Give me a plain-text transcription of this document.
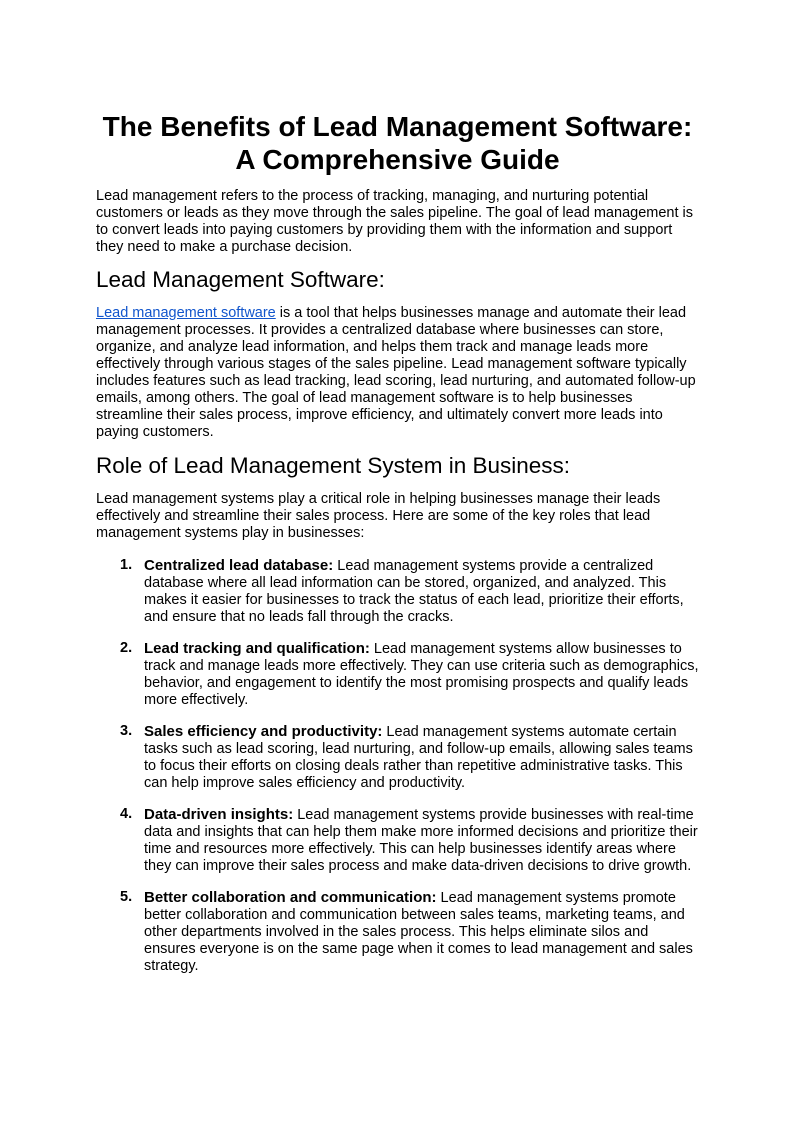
The Benefits of Lead Management Software:
A Comprehensive Guide

Lead management refers to the process of tracking, managing, and nurturing potential customers or leads as they move through the sales pipeline. The goal of lead management is to convert leads into paying customers by providing them with the information and support they need to make a purchase decision.

Lead Management Software:

Lead management software is a tool that helps businesses manage and automate their lead management processes. It provides a centralized database where businesses can store, organize, and analyze lead information, and helps them track and manage leads more effectively through various stages of the sales pipeline. Lead management software typically includes features such as lead tracking, lead scoring, lead nurturing, and automated follow-up emails, among others. The goal of lead management software is to help businesses streamline their sales process, improve efficiency, and ultimately convert more leads into paying customers.

Role of Lead Management System in Business:

Lead management systems play a critical role in helping businesses manage their leads effectively and streamline their sales process. Here are some of the key roles that lead management systems play in businesses:

1. Centralized lead database: Lead management systems provide a centralized database where all lead information can be stored, organized, and analyzed. This makes it easier for businesses to track the status of each lead, prioritize their efforts, and ensure that no leads fall through the cracks.
2. Lead tracking and qualification: Lead management systems allow businesses to track and manage leads more effectively. They can use criteria such as demographics, behavior, and engagement to identify the most promising prospects and qualify leads more effectively.
3. Sales efficiency and productivity: Lead management systems automate certain tasks such as lead scoring, lead nurturing, and follow-up emails, allowing sales teams to focus their efforts on closing deals rather than repetitive administrative tasks. This can help improve sales efficiency and productivity.
4. Data-driven insights: Lead management systems provide businesses with real-time data and insights that can help them make more informed decisions and prioritize their time and resources more effectively. This can help businesses identify areas where they can improve their sales process and make data-driven decisions to drive growth.
5. Better collaboration and communication: Lead management systems promote better collaboration and communication between sales teams, marketing teams, and other departments involved in the sales process. This helps eliminate silos and ensures everyone is on the same page when it comes to lead management and sales strategy.
